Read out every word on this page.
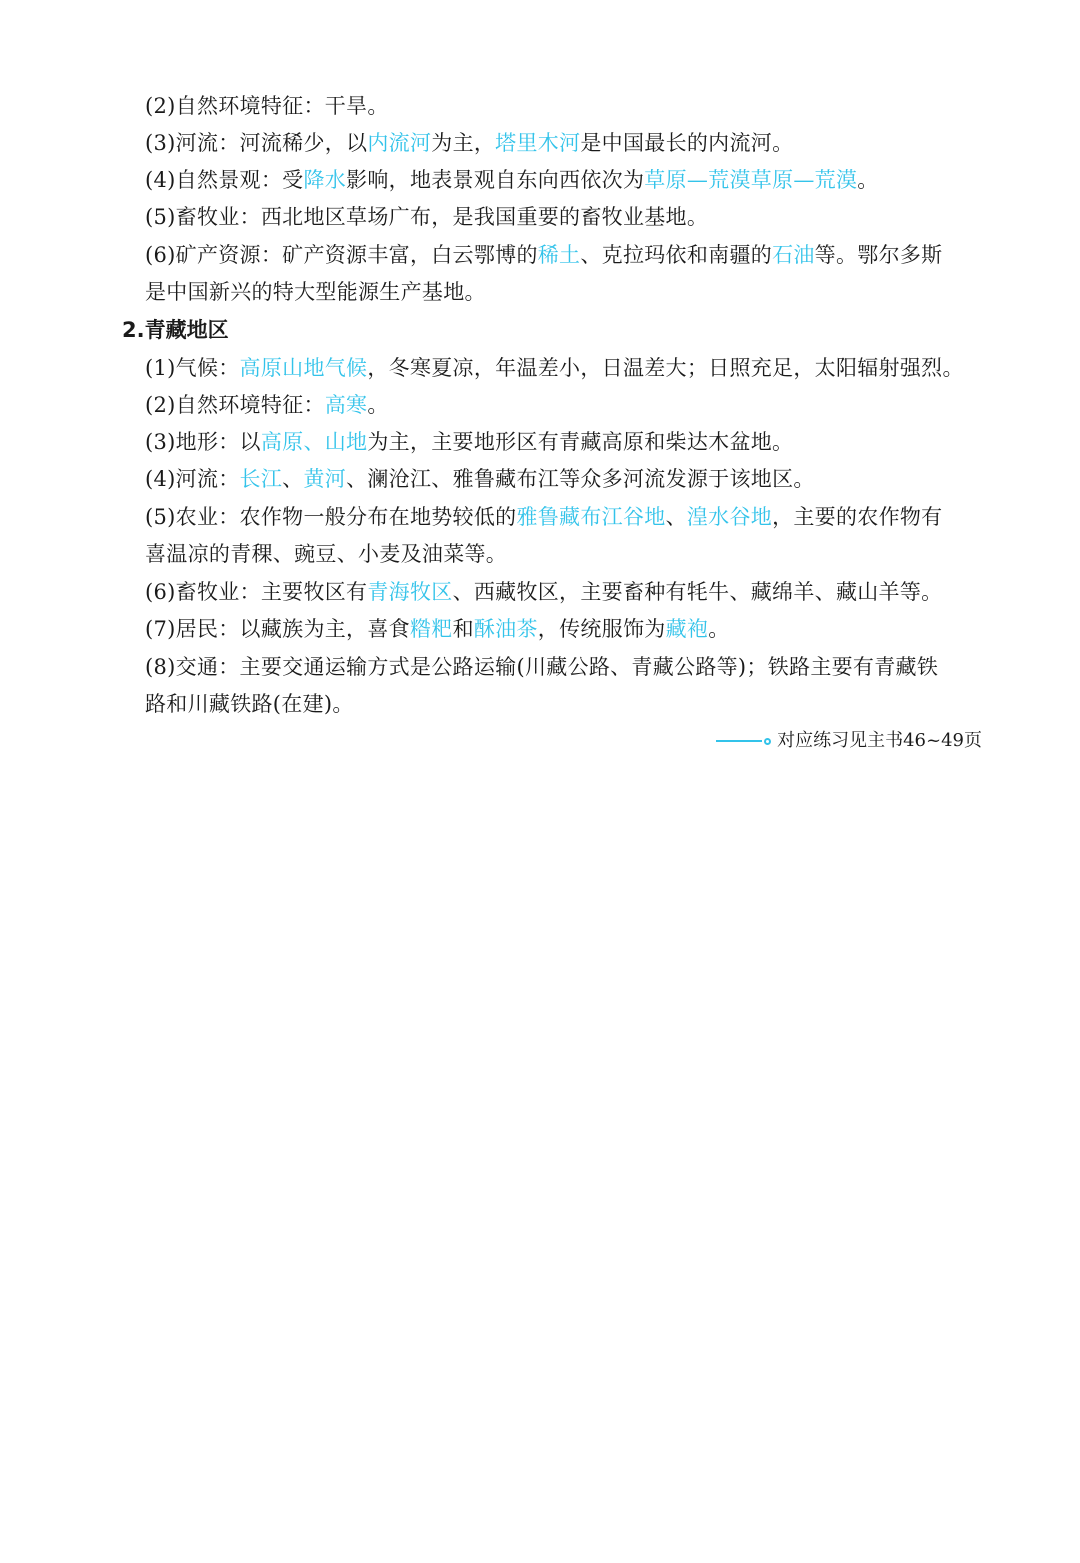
(2)自然环境特征：干旱。
(3)河流：河流稀少，以内流河为主，塔里木河是中国最长的内流河。
(4)自然景观：受降水影响，地表景观自东向西依次为草原—荒漠草原—荒漠。
(5)畜牧业：西北地区草场广布，是我国重要的畜牧业基地。
(6)矿产资源：矿产资源丰富，白云鄂博的稀土、克拉玛依和南疆的石油等。鄂尔多斯
是中国新兴的特大型能源生产基地。
2.青藏地区
(1)气候：高原山地气候，冬寒夏凉，年温差小，日温差大；日照充足，太阳辐射强烈。
(2)自然环境特征：高寒。
(3)地形：以高原、山地为主，主要地形区有青藏高原和柴达木盆地。
(4)河流：长江、黄河、澜沧江、雅鲁藏布江等众多河流发源于该地区。
(5)农业：农作物一般分布在地势较低的雅鲁藏布江谷地、湟水谷地，主要的农作物有
喜温凉的青稞、豌豆、小麦及油菜等。
(6)畜牧业：主要牧区有青海牧区、西藏牧区，主要畜种有牦牛、藏绵羊、藏山羊等。
(7)居民：以藏族为主，喜食糌粑和酥油茶，传统服饰为藏袍。
(8)交通：主要交通运输方式是公路运输(川藏公路、青藏公路等)；铁路主要有青藏铁
路和川藏铁路(在建)。
对应练习见主书46~49页
